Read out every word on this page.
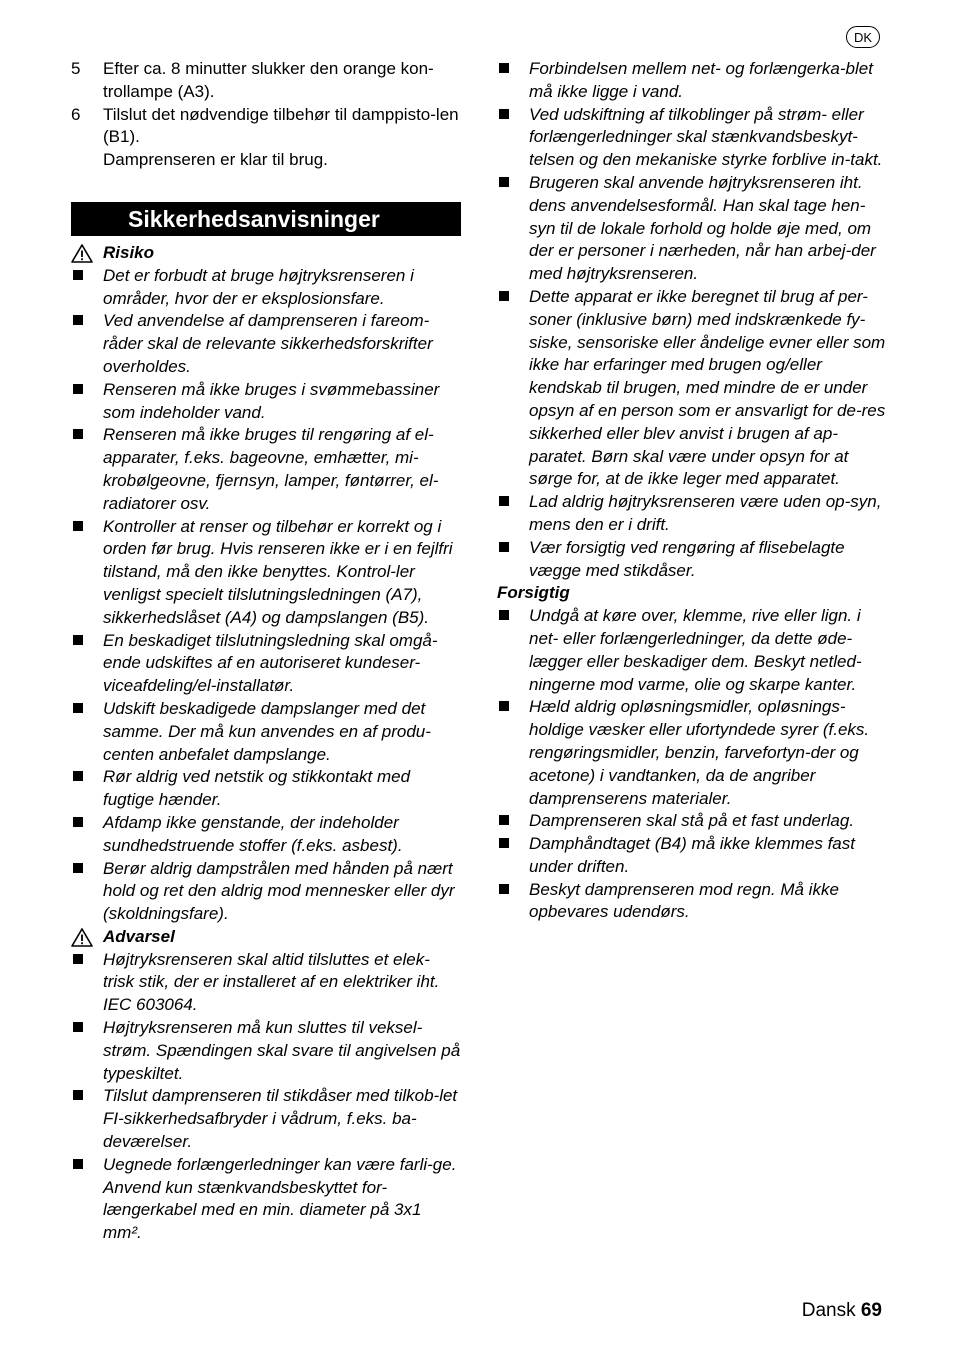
DK
5	Efter ca. 8 minutter slukker den orange kon-trollampe (A3).
6	Tilslut det nødvendige tilbehør til damppisto-len (B1).
Damprenseren er klar til brug.
Sikkerhedsanvisninger
Risiko
Det er forbudt at bruge højtryksrenseren i områder, hvor der er eksplosionsfare.
Ved anvendelse af damprenseren i fareom-råder skal de relevante sikkerhedsforskrifter overholdes.
Renseren må ikke bruges i svømmebassiner som indeholder vand.
Renseren må ikke bruges til rengøring af el-apparater, f.eks. bageovne, emhætter, mi-krobølgeovne, fjernsyn, lamper, føntørrer, el-radiatorer osv.
Kontroller at renser og tilbehør er korrekt og i orden før brug. Hvis renseren ikke er i en fejlfri tilstand, må den ikke benyttes. Kontrol-ler venligst specielt tilslutningsledningen (A7), sikkerhedslåset (A4) og dampslangen (B5).
En beskadiget tilslutningsledning skal omgå-ende udskiftes af en autoriseret kundeser-viceafdeling/el-installatør.
Udskift beskadigede dampslanger med det samme. Der må kun anvendes en af produ-centen anbefalet dampslange.
Rør aldrig ved netstik og stikkontakt med fugtige hænder.
Afdamp ikke genstande, der indeholder sundhedstruende stoffer (f.eks. asbest).
Berør aldrig dampstrålen med hånden på nært hold og ret den aldrig mod mennesker eller dyr (skoldningsfare).
Advarsel
Højtryksrenseren skal altid tilsluttes et elek-trisk stik, der er installeret af en elektriker iht. IEC 603064.
Højtryksrenseren må kun sluttes til veksel-strøm. Spændingen skal svare til angivelsen på typeskiltet.
Tilslut damprenseren til stikdåser med tilkob-let FI-sikkerhedsafbryder i vådrum, f.eks. ba-deværelser.
Uegnede forlængerledninger kan være farli-ge. Anvend kun stænkvandsbeskyttet for-længerkabel med en min. diameter på 3x1 mm².
Forbindelsen mellem net- og forlængerka-blet må ikke ligge i vand.
Ved udskiftning af tilkoblinger på strøm- eller forlængerledninger skal stænkvandsbeskyt-telsen og den mekaniske styrke forblive in-takt.
Brugeren skal anvende højtryksrenseren iht. dens anvendelsesformål. Han skal tage hen-syn til de lokale forhold og holde øje med, om der er personer i nærheden, når han arbej-der med højtryksrenseren.
Dette apparat er ikke beregnet til brug af per-soner (inklusive børn) med indskrænkede fy-siske, sensoriske eller åndelige evner eller som ikke har erfaringer med brugen og/eller kendskab til brugen, med mindre de er under opsyn af en person som er ansvarligt for de-res sikkerhed eller blev anvist i brugen af ap-paratet. Børn skal være under opsyn for at sørge for, at de ikke leger med apparatet.
Lad aldrig højtryksrenseren være uden op-syn, mens den er i drift.
Vær forsigtig ved rengøring af flisebelagte vægge med stikdåser.
Forsigtig
Undgå at køre over, klemme, rive eller lign. i net- eller forlængerledninger, da dette øde-lægger eller beskadiger dem. Beskyt netled-ningerne mod varme, olie og skarpe kanter.
Hæld aldrig opløsningsmidler, opløsnings-holdige væsker eller ufortyndede syrer (f.eks. rengøringsmidler, benzin, farvefortyn-der og acetone) i vandtanken, da de angriber damprenserens materialer.
Damprenseren skal stå på et fast underlag.
Damphåndtaget (B4) må ikke klemmes fast under driften.
Beskyt damprenseren mod regn. Må ikke opbevares udendørs.
Dansk 69
